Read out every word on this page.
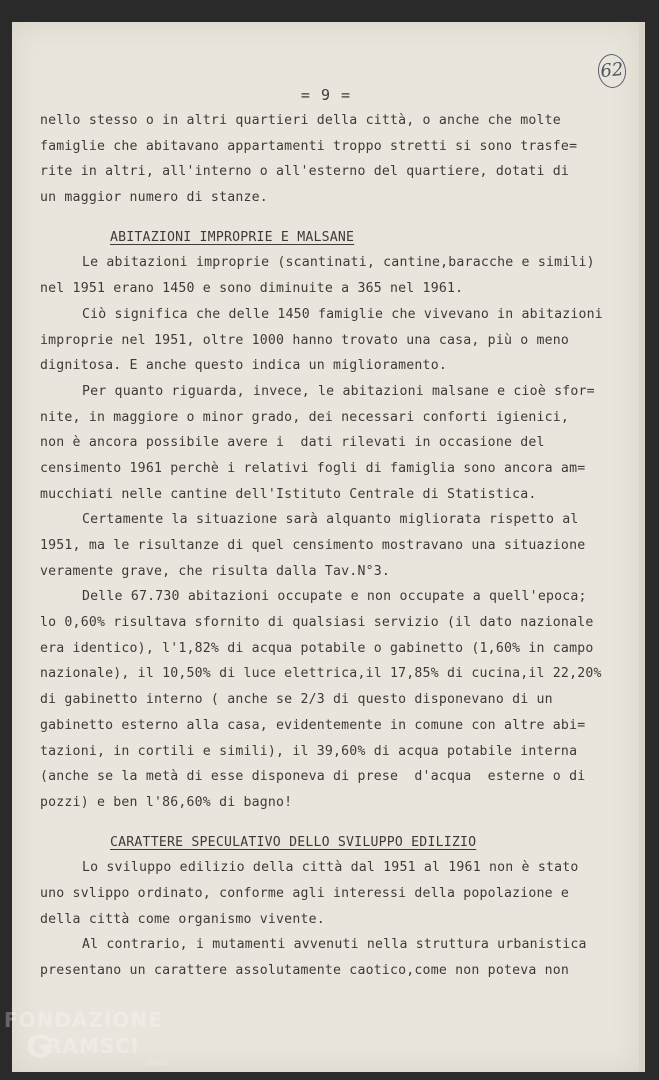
= 9 =
62
nello stesso o in altri quartieri della città, o anche che molte
famiglie che abitavano appartamenti troppo stretti si sono trasfe=
rite in altri, all'interno o all'esterno del quartiere, dotati di
un maggior numero di stanze.
ABITAZIONI IMPROPRIE E MALSANE
Le abitazioni improprie (scantinati, cantine,baracche e simili)
nel 1951 erano 1450 e sono diminuite a 365 nel 1961.
Ciò significa che delle 1450 famiglie che vivevano in abitazioni
improprie nel 1951, oltre 1000 hanno trovato una casa, più o meno
dignitosa. E anche questo indica un miglioramento.
Per quanto riguarda, invece, le abitazioni malsane e cioè sfor=
nite, in maggiore o minor grado, dei necessari conforti igienici,
non è ancora possibile avere i  dati rilevati in occasione del
censimento 1961 perchè i relativi fogli di famiglia sono ancora am=
mucchiati nelle cantine dell'Istituto Centrale di Statistica.
Certamente la situazione sarà alquanto migliorata rispetto al
1951, ma le risultanze di quel censimento mostravano una situazione
veramente grave, che risulta dalla Tav.N°3.
Delle 67.730 abitazioni occupate e non occupate a quell'epoca;
lo 0,60% risultava sfornito di qualsiasi servizio (il dato nazionale
era identico), l'1,82% di acqua potabile o gabinetto (1,60% in campo
nazionale), il 10,50% di luce elettrica,il 17,85% di cucina,il 22,20%
di gabinetto interno ( anche se 2/3 di questo disponevano di un
gabinetto esterno alla casa, evidentemente in comune con altre abi=
tazioni, in cortili e simili), il 39,60% di acqua potabile interna
(anche se la metà di esse disponeva di prese  d'acqua  esterne o di
pozzi) e ben l'86,60% di bagno!
CARATTERE SPECULATIVO DELLO SVILUPPO EDILIZIO
Lo sviluppo edilizio della città dal 1951 al 1961 non è stato
uno svlippo ordinato, conforme agli interessi della popolazione e
della città come organismo vivente.
Al contrario, i mutamenti avvenuti nella struttura urbanistica
presentano un carattere assolutamente caotico,come non poteva non
FONDAZIONE
G
RAMSCI
onlus
